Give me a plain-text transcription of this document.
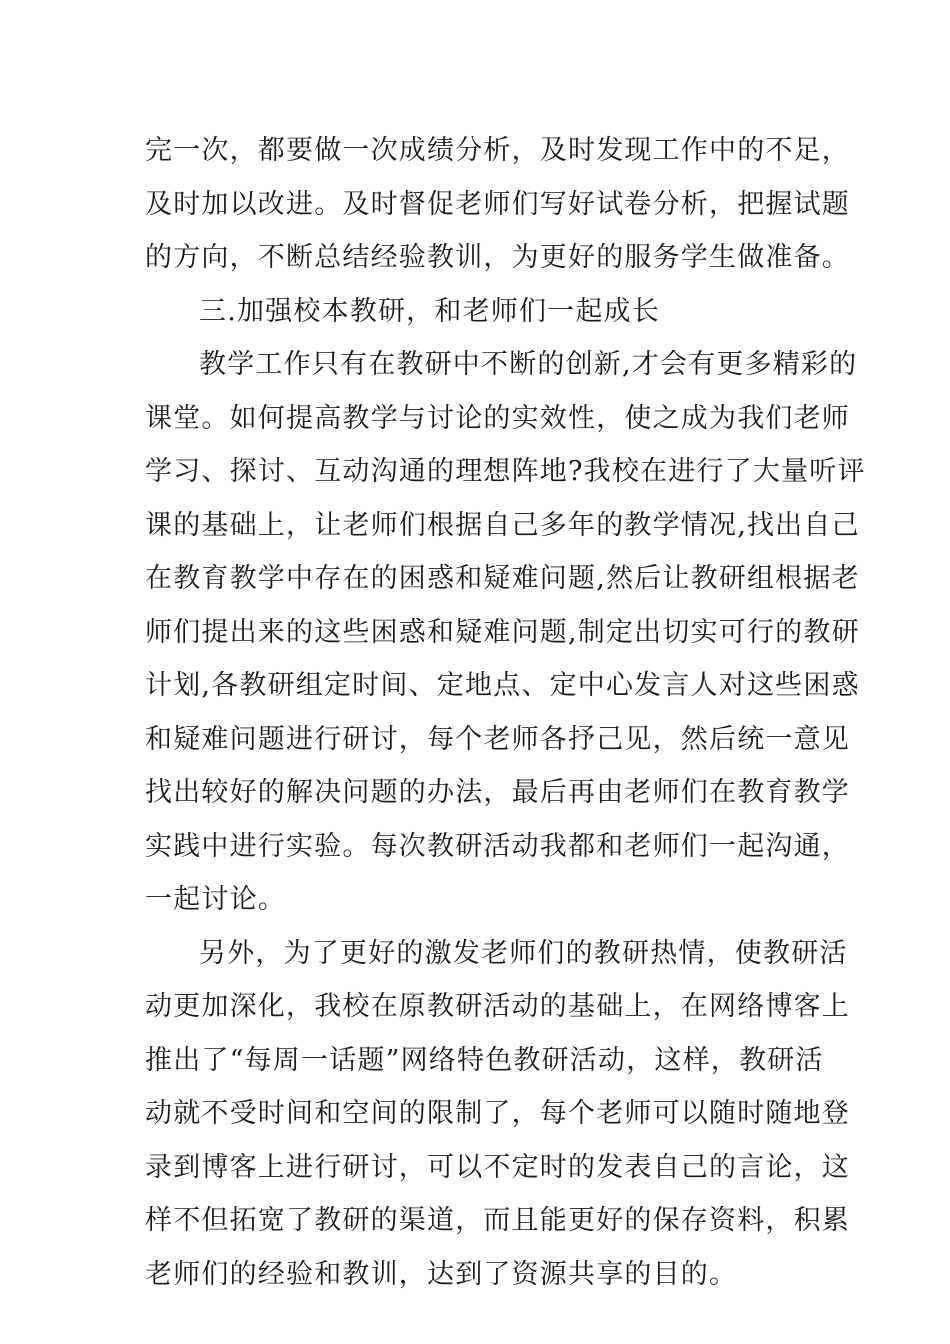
完一次，都要做一次成绩分析，及时发现工作中的不足，
及时加以改进。及时督促老师们写好试卷分析，把握试题
的方向，不断总结经验教训，为更好的服务学生做准备。
三.加强校本教研，和老师们一起成长
教学工作只有在教研中不断的创新,才会有更多精彩的
课堂。如何提高教学与讨论的实效性，使之成为我们老师
学习、探讨、互动沟通的理想阵地?我校在进行了大量听评
课的基础上，让老师们根据自己多年的教学情况,找出自己
在教育教学中存在的困惑和疑难问题,然后让教研组根据老
师们提出来的这些困惑和疑难问题,制定出切实可行的教研
计划,各教研组定时间、定地点、定中心发言人对这些困惑
和疑难问题进行研讨，每个老师各抒己见，然后统一意见
找出较好的解决问题的办法，最后再由老师们在教育教学
实践中进行实验。每次教研活动我都和老师们一起沟通，
一起讨论。
另外，为了更好的激发老师们的教研热情，使教研活
动更加深化，我校在原教研活动的基础上，在网络博客上
推出了“每周一话题”网络特色教研活动，这样，教研活
动就不受时间和空间的限制了，每个老师可以随时随地登
录到博客上进行研讨，可以不定时的发表自己的言论，这
样不但拓宽了教研的渠道，而且能更好的保存资料，积累
老师们的经验和教训，达到了资源共享的目的。
